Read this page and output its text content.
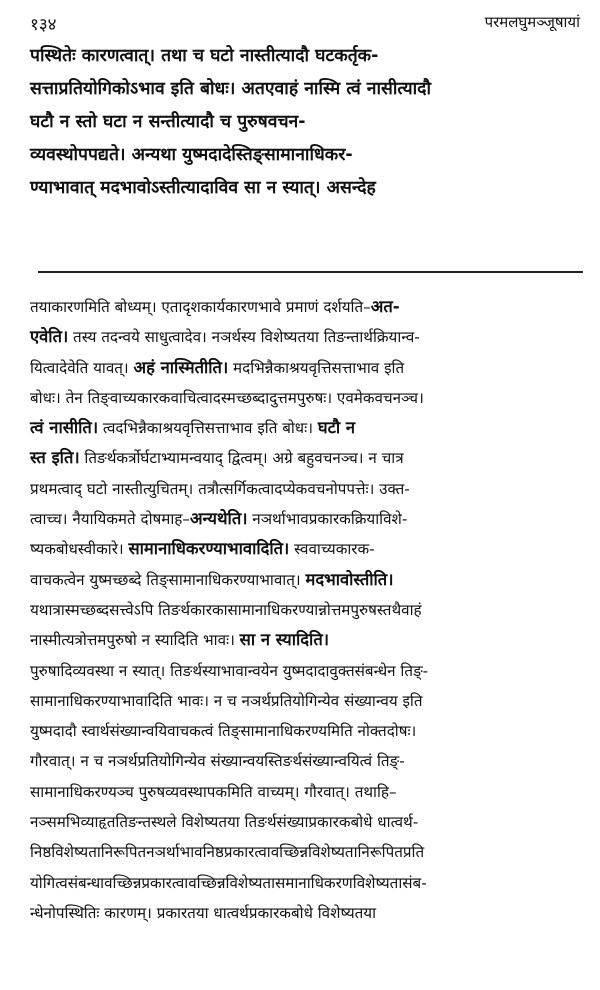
१३४	परमलघुमञ्जूषायां

पस्थितेः कारणत्वात्। तथा च घटो नास्तीत्यादौ घटकर्तृक-

सत्ताप्रतियोगिकोऽभाव इति बोधः। अतएवाहं नास्मि त्वं नासीत्यादौ

घटौ न स्तो घटा न सन्तीत्यादौ च पुरुषवचन-

व्यवस्थोपपद्यते। अन्यथा युष्मदादेस्तिङ्सामानाधिकर-

ण्याभावात् मदभावोऽस्तीत्यादाविव सा न स्यात्। असन्देह

तयाकारणमिति बोध्यम्। एतादृशकार्यकारणभावे प्रमाणं दर्शयति–अत-

एवेति। तस्य तदन्वये साधुत्वादेव। नञर्थस्य विशेष्यतया तिङन्तार्थक्रियान्व-

यित्वादेवेति यावत्। अहं नास्मितीति। मदभिन्नैकाश्रयवृत्तिसत्ताभाव इति

बोधः। तेन तिङ्वाच्यकारकवाचित्वादस्मच्छब्दादुत्तमपुरुषः। एवमेकवचनञ्च।

त्वं नासीति। त्वदभिन्नैकाश्रयवृत्तिसत्ताभाव इति बोधः। घटौ न

स्त इति। तिङर्थकर्त्रोर्घटाभ्यामन्वयाद् द्वित्वम्। अग्रे बहुवचनञ्च। न चात्र

प्रथमत्वाद् घटो नास्तीत्युचितम्। तत्रौत्सर्गिकत्वादप्येकवचनोपपत्तेः। उक्त-

त्वाच्च। नैयायिकमते दोषमाह–अन्यथेति। नञर्थाभावप्रकारकक्रियाविशे-

ष्यकबोधस्वीकारे। सामानाधिकरण्याभावादिति। स्ववाच्यकारक-

वाचकत्वेन युष्मच्छब्दे तिङ्सामानाधिकरण्याभावात्। मदभावोस्तीति।

यथात्रास्मच्छब्दसत्त्वेऽपि तिङर्थकारकासामानाधिकरण्यान्नोत्तमपुरुषस्तथैवाहं

नास्मीत्यत्रोत्तमपुरुषो न स्यादिति भावः। सा न स्यादिति।

पुरुषादिव्यवस्था न स्यात्। तिङर्थस्याभावान्वयेन युष्मदादावुक्तसंबन्धेन तिङ्-

सामानाधिकरण्याभावादिति भावः। न च नञर्थप्रतियोगिन्येव संख्यान्वय इति

युष्मदादौ स्वार्थसंख्यान्वयिवाचकत्वं तिङ्सामानाधिकरण्यमिति नोक्तदोषः।

गौरवात्। न च नञर्थप्रतियोगिन्येव संख्यान्वयस्तिङर्थसंख्यान्वयित्वं तिङ्-

सामानाधिकरण्यञ्च पुरुषव्यवस्थापकमिति वाच्यम्। गौरवात्। तथाहि–

नञ्समभिव्याहृततिङन्तस्थले विशेष्यतया तिङर्थसंख्याप्रकारकबोधे धात्वर्थ-

निष्ठविशेष्यतानिरूपितनञर्थाभावनिष्ठप्रकारत्वावच्छिन्नविशेष्यतानिरूपितप्रति

योगित्वसंबन्धावच्छिन्नप्रकारत्वावच्छिन्नविशेष्यतासमानाधिकरणविशेष्यतासंब-

न्धेनोपस्थितिः कारणम्। प्रकारतया धात्वर्थप्रकारकबोधे विशेष्यतया
